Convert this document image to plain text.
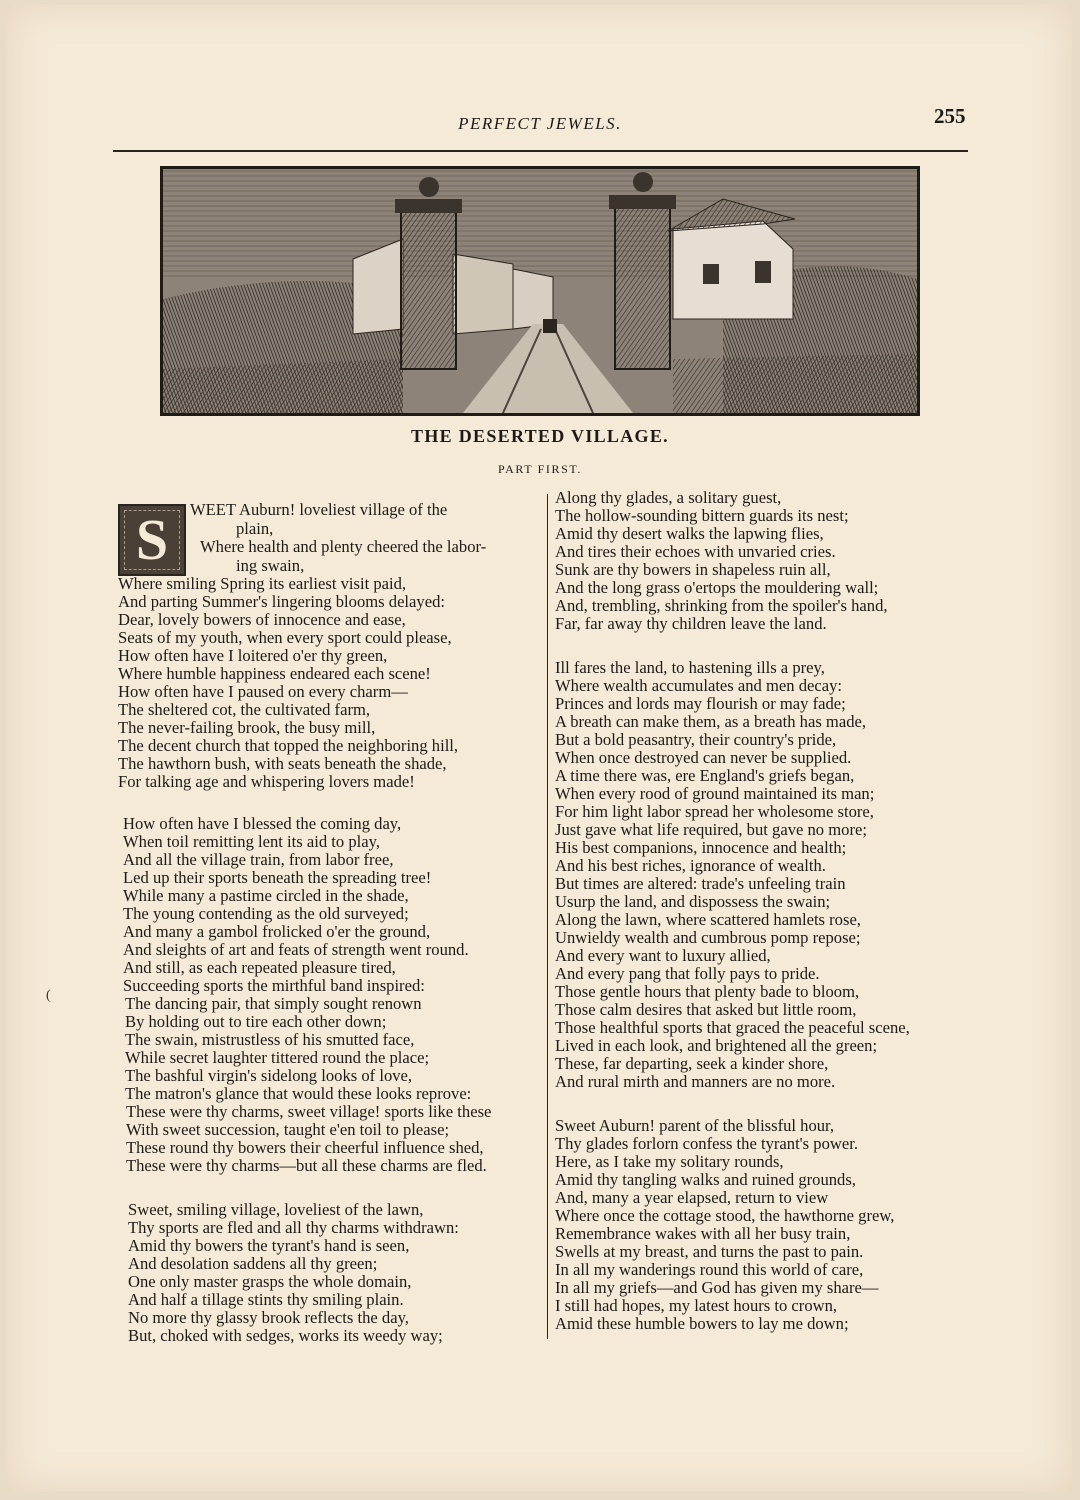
(
PERFECT JEWELS.	255
THE DESERTED VILLAGE.
PART FIRST.
S	WEET Auburn! loveliest village of the
plain,
Where health and plenty cheered the labor-
ing swain,
Where smiling Spring its earliest visit paid,
And parting Summer's lingering blooms delayed:
Dear, lovely bowers of innocence and ease,
Seats of my youth, when every sport could please,
How often have I loitered o'er thy green,
Where humble happiness endeared each scene!
How often have I paused on every charm—
The sheltered cot, the cultivated farm,
The never-failing brook, the busy mill,
The decent church that topped the neighboring hill,
The hawthorn bush, with seats beneath the shade,
For talking age and whispering lovers made!
How often have I blessed the coming day,
When toil remitting lent its aid to play,
And all the village train, from labor free,
Led up their sports beneath the spreading tree!
While many a pastime circled in the shade,
The young contending as the old surveyed;
And many a gambol frolicked o'er the ground,
And sleights of art and feats of strength went round.
And still, as each repeated pleasure tired,
Succeeding sports the mirthful band inspired:
The dancing pair, that simply sought renown
By holding out to tire each other down;
The swain, mistrustless of his smutted face,
While secret laughter tittered round the place;
The bashful virgin's sidelong looks of love,
The matron's glance that would these looks reprove:
These were thy charms, sweet village! sports like these
With sweet succession, taught e'en toil to please;
These round thy bowers their cheerful influence shed,
These were thy charms—but all these charms are fled.
Sweet, smiling village, loveliest of the lawn,
Thy sports are fled and all thy charms withdrawn:
Amid thy bowers the tyrant's hand is seen,
And desolation saddens all thy green;
One only master grasps the whole domain,
And half a tillage stints thy smiling plain.
No more thy glassy brook reflects the day,
But, choked with sedges, works its weedy way;
Along thy glades, a solitary guest,
The hollow-sounding bittern guards its nest;
Amid thy desert walks the lapwing flies,
And tires their echoes with unvaried cries.
Sunk are thy bowers in shapeless ruin all,
And the long grass o'ertops the mouldering wall;
And, trembling, shrinking from the spoiler's hand,
Far, far away thy children leave the land.
Ill fares the land, to hastening ills a prey,
Where wealth accumulates and men decay:
Princes and lords may flourish or may fade;
A breath can make them, as a breath has made,
But a bold peasantry, their country's pride,
When once destroyed can never be supplied.
A time there was, ere England's griefs began,
When every rood of ground maintained its man;
For him light labor spread her wholesome store,
Just gave what life required, but gave no more;
His best companions, innocence and health;
And his best riches, ignorance of wealth.
But times are altered: trade's unfeeling train
Usurp the land, and dispossess the swain;
Along the lawn, where scattered hamlets rose,
Unwieldy wealth and cumbrous pomp repose;
And every want to luxury allied,
And every pang that folly pays to pride.
Those gentle hours that plenty bade to bloom,
Those calm desires that asked but little room,
Those healthful sports that graced the peaceful scene,
Lived in each look, and brightened all the green;
These, far departing, seek a kinder shore,
And rural mirth and manners are no more.
Sweet Auburn! parent of the blissful hour,
Thy glades forlorn confess the tyrant's power.
Here, as I take my solitary rounds,
Amid thy tangling walks and ruined grounds,
And, many a year elapsed, return to view
Where once the cottage stood, the hawthorne grew,
Remembrance wakes with all her busy train,
Swells at my breast, and turns the past to pain.
In all my wanderings round this world of care,
In all my griefs—and God has given my share—
I still had hopes, my latest hours to crown,
Amid these humble bowers to lay me down;
